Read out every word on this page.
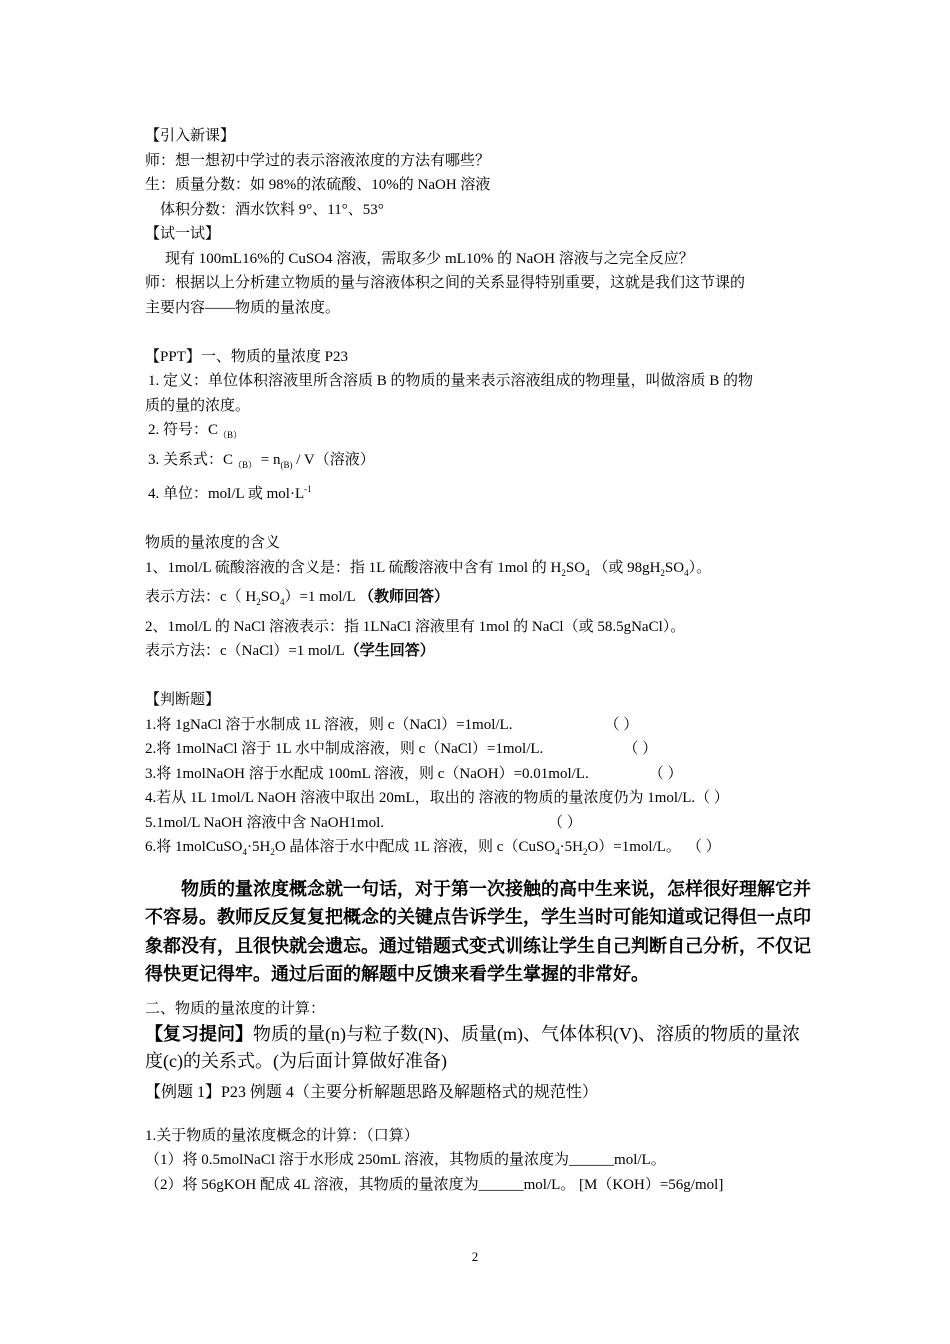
【引入新课】
师：想一想初中学过的表示溶液浓度的方法有哪些？
生：质量分数：如 98%的浓硫酸、10%的 NaOH 溶液
体积分数：酒水饮料 9°、11°、53°
【试一试】
现有 100mL16%的 CuSO4 溶液，需取多少 mL10% 的 NaOH 溶液与之完全反应？
师：根据以上分析建立物质的量与溶液体积之间的关系显得特别重要，这就是我们这节课的
主要内容——物质的量浓度。
【PPT】一、物质的量浓度 P23
1. 定义：单位体积溶液里所含溶质 B 的物质的量来表示溶液组成的物理量，叫做溶质 B 的物
质的量的浓度。
2. 符号：$C_{(B)}$
3. 关系式：$C_{(B)} = n_{(B)} / V$（溶液）
4. 单位：mol/L 或 $mol\cdot L^{-1}$
物质的量浓度的含义
1、1mol/L 硫酸溶液的含义是：指 1L 硫酸溶液中含有 1mol 的 $H_2SO_4$ （或 $98gH_2SO_4$）。
表示方法：c（ $H_2SO_4)=1$ mol/L （教师回答）
2、1mol/L 的 NaCl 溶液表示：指 1LNaCl 溶液里有 1mol 的 NaCl（或 58.5gNaCl）。
表示方法：c（NaCl）=1 mol/L（学生回答）
【判断题】
1.将 1gNaCl 溶于水制成 1L 溶液，则 c（NaCl）=1mol/L.	（ ）
2.将 1molNaCl 溶于 1L 水中制成溶液，则 c（NaCl）=1mol/L.	（ ）
3.将 1molNaOH 溶于水配成 100mL 溶液，则 c（NaOH）=0.01mol/L.	（ ）
4.若从 1L 1mol/L NaOH 溶液中取出 20mL，取出的 溶液的物质的量浓度仍为 1mol/L.（ ）
5.1mol/L NaOH 溶液中含 NaOH1mol.	（ ）
6.将 $1molCuSO_4\cdot 5H_2O$ 晶体溶于水中配成 1L 溶液，则 $c(CuSO_4\cdot 5H_2O)=1mol/L$。 （ ）
物质的量浓度概念就一句话，对于第一次接触的高中生来说，怎样很好理解它并不容易。教师反反复复把概念的关键点告诉学生，学生当时可能知道或记得但一点印象都没有，且很快就会遗忘。通过错题式变式训练让学生自己判断自己分析，不仅记得快更记得牢。通过后面的解题中反馈来看学生掌握的非常好。
二、物质的量浓度的计算：
【复习提问】物质的量(n)与粒子数(N)、质量(m)、气体体积(V)、溶质的物质的量浓度(c)的关系式。(为后面计算做好准备)
【例题 1】P23 例题 4（主要分析解题思路及解题格式的规范性）
1.关于物质的量浓度概念的计算：（口算）
（1）将 0.5molNaCl 溶于水形成 250mL 溶液，其物质的量浓度为______mol/L。
（2）将 56gKOH 配成 4L 溶液，其物质的量浓度为______mol/L。 [M（KOH）=56g/mol]
2
